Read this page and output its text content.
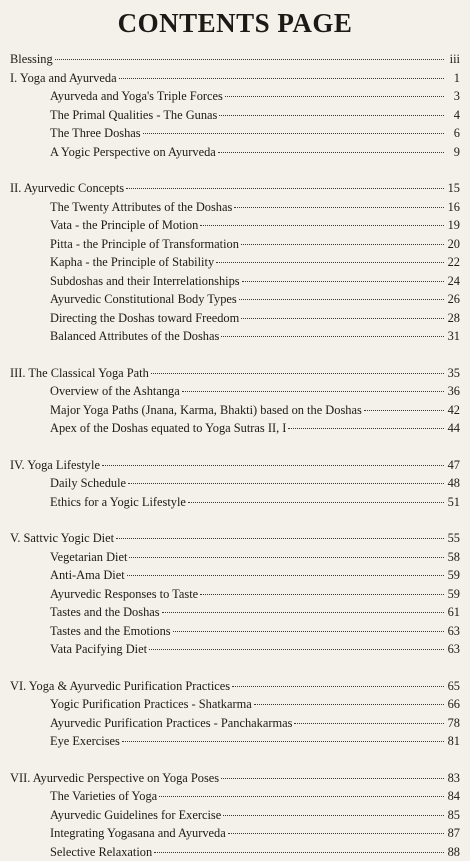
CONTENTS PAGE
Blessing	iii
I. Yoga and Ayurveda	1
Ayurveda and Yoga's Triple Forces	3
The Primal Qualities - The Gunas	4
The Three Doshas	6
A Yogic Perspective on Ayurveda	9
II. Ayurvedic Concepts	15
The Twenty Attributes of the Doshas	16
Vata - the Principle of Motion	19
Pitta - the Principle of Transformation	20
Kapha - the Principle of Stability	22
Subdoshas and their Interrelationships	24
Ayurvedic Constitutional Body Types	26
Directing the Doshas toward Freedom	28
Balanced Attributes of the Doshas	31
III. The Classical Yoga Path	35
Overview of the Ashtanga	36
Major Yoga Paths (Jnana, Karma, Bhakti) based on the Doshas	42
Apex of the Doshas equated to Yoga Sutras II, I	44
IV. Yoga Lifestyle	47
Daily Schedule	48
Ethics for a Yogic Lifestyle	51
V. Sattvic Yogic Diet	55
Vegetarian Diet	58
Anti-Ama Diet	59
Ayurvedic Responses to Taste	59
Tastes and the Doshas	61
Tastes and the Emotions	63
Vata Pacifying Diet	63
VI. Yoga & Ayurvedic Purification Practices	65
Yogic Purification Practices - Shatkarma	66
Ayurvedic Purification Practices - Panchakarmas	78
Eye Exercises	81
VII. Ayurvedic Perspective on Yoga Poses	83
The Varieties of Yoga	84
Ayurvedic Guidelines for Exercise	85
Integrating Yogasana and Ayurveda	87
Selective Relaxation	88
